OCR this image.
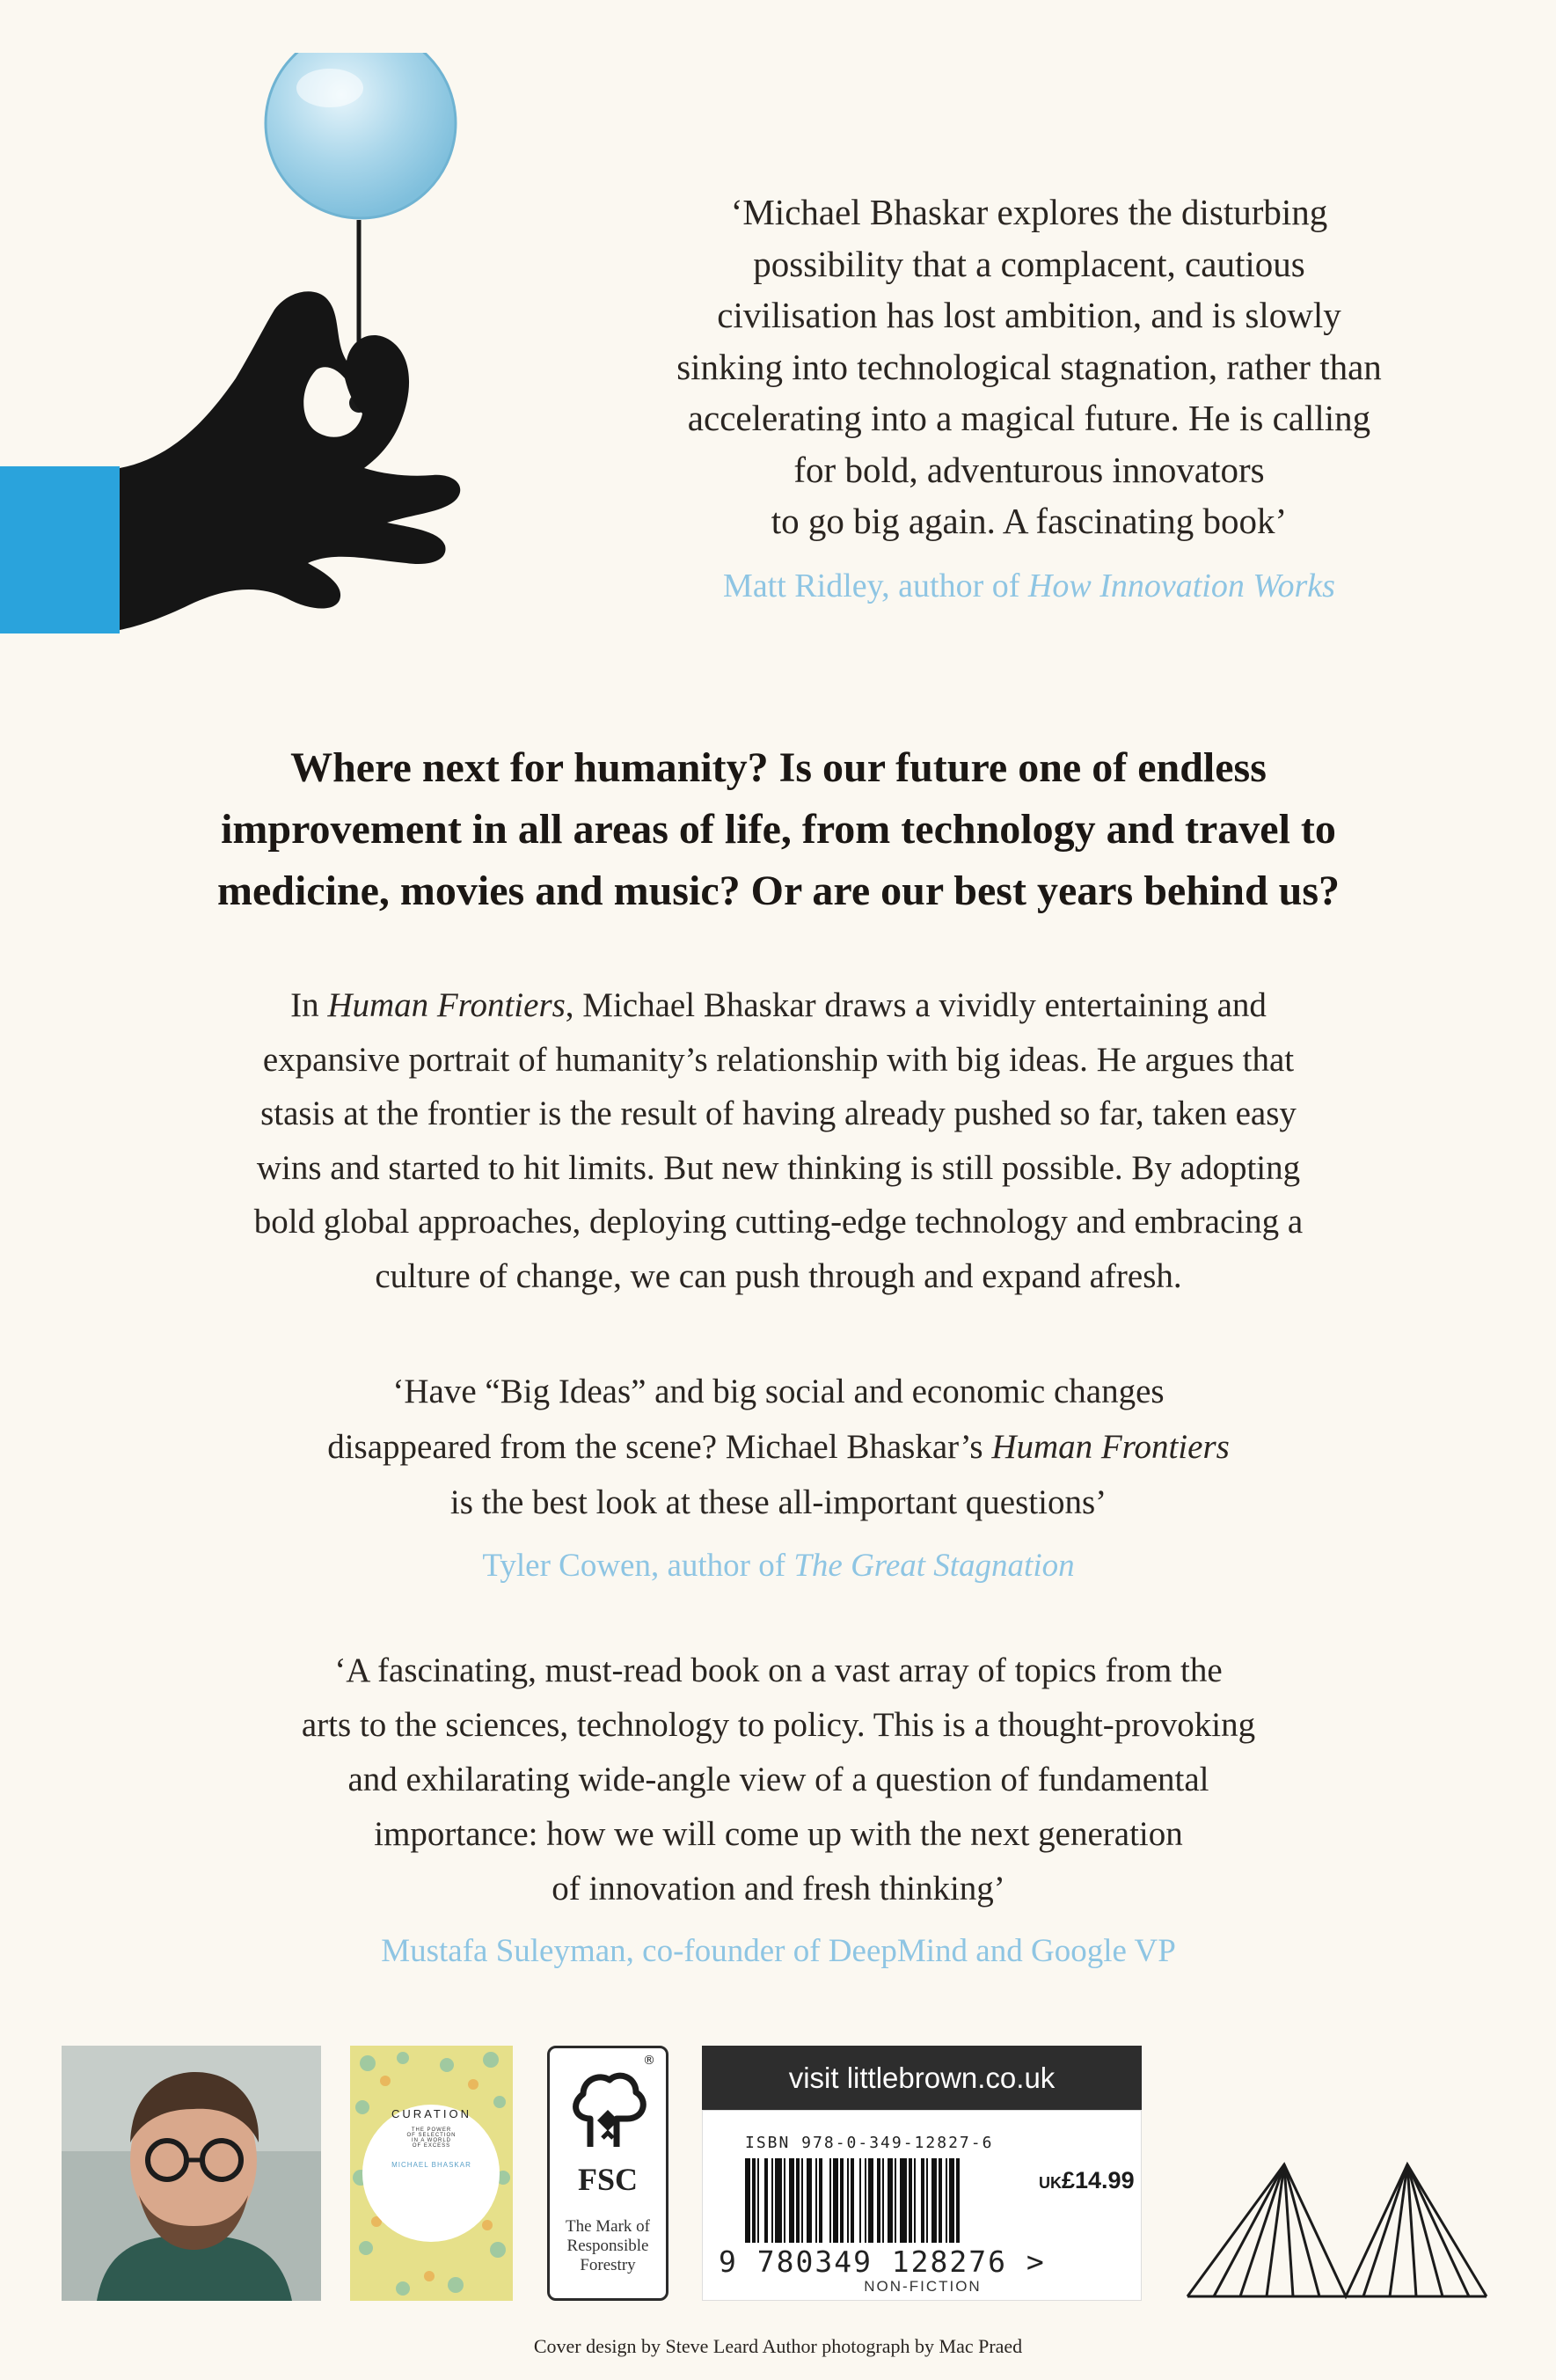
‘Michael Bhaskar explores the disturbing
possibility that a complacent, cautious
civilisation has lost ambition, and is slowly
sinking into technological stagnation, rather than
accelerating into a magical future. He is calling
for bold, adventurous innovators
to go big again. A fascinating book’
Matt Ridley, author of How Innovation Works
Where next for humanity? Is our future one of endless
improvement in all areas of life, from technology and travel to
medicine, movies and music? Or are our best years behind us?
In Human Frontiers, Michael Bhaskar draws a vividly entertaining and
expansive portrait of humanity’s relationship with big ideas. He argues that
stasis at the frontier is the result of having already pushed so far, taken easy
wins and started to hit limits. But new thinking is still possible. By adopting
bold global approaches, deploying cutting-edge technology and embracing a
culture of change, we can push through and expand afresh.
‘Have “Big Ideas” and big social and economic changes
disappeared from the scene? Michael Bhaskar’s Human Frontiers
is the best look at these all-important questions’
Tyler Cowen, author of The Great Stagnation
‘A fascinating, must-read book on a vast array of topics from the
arts to the sciences, technology to policy. This is a thought-provoking
and exhilarating wide-angle view of a question of fundamental
importance: how we will come up with the next generation
of innovation and fresh thinking’
Mustafa Suleyman, co-founder of DeepMind and Google VP
CURATION
THE POWER
OF SELECTION
IN A WORLD
OF EXCESS
MICHAEL BHASKAR
®
FSC
The Mark of
Responsible
Forestry
visit littlebrown.co.uk
ISBN 978-0-349-12827-6
UK£14.99
9 780349 128276 >
NON-FICTION
Cover design by Steve Leard Author photograph by Mac Praed
